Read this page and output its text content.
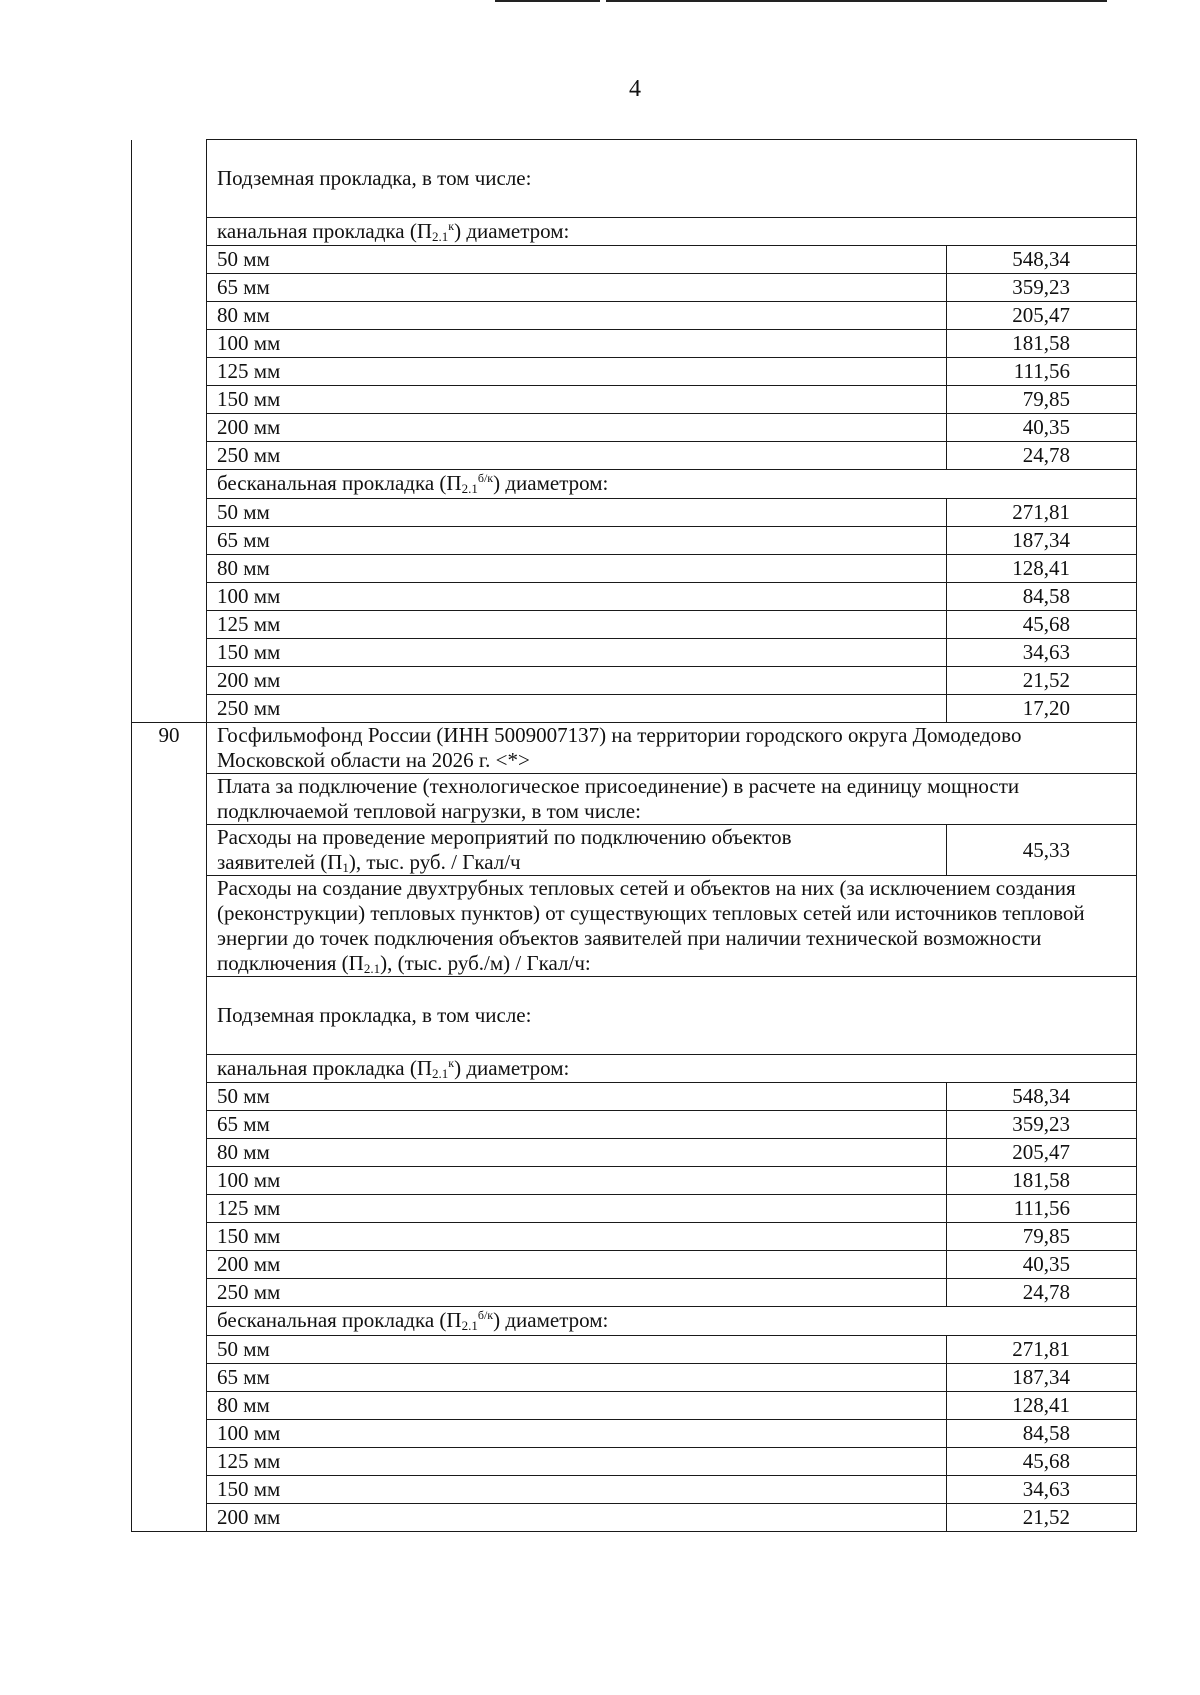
4
	Подземная прокладка, в том числе:	
	канальная прокладка $(П_{2.1}^к)$ диаметром:	
	50 мм	548,34
	65 мм	359,23
	80 мм	205,47
	100 мм	181,58
	125 мм	111,56
	150 мм	79,85
	200 мм	40,35
	250 мм	24,78
	бесканальная прокладка $(П_{2.1}^{б/к})$ диаметром:	
	50 мм	271,81
	65 мм	187,34
	80 мм	128,41
	100 мм	84,58
	125 мм	45,68
	150 мм	34,63
	200 мм	21,52
	250 мм	17,20
90	Госфильмофонд России (ИНН 5009007137) на территории городского округа Домодедово Московской области на 2026 г. <*>	
	Плата за подключение (технологическое присоединение) в расчете на единицу мощности подключаемой тепловой нагрузки, в том числе:	
	Расходы на проведение мероприятий по подключению объектов заявителей $(П_1)$, тыс. руб. / Гкал/ч	45,33
	Расходы на создание двухтрубных тепловых сетей и объектов на них (за исключением создания (реконструкции) тепловых пунктов) от существующих тепловых сетей или источников тепловой энергии до точек подключения объектов заявителей при наличии технической возможности подключения $(П_{2.1})$, (тыс. руб./м) / Гкал/ч:	
	Подземная прокладка, в том числе:	
	канальная прокладка $(П_{2.1}^к)$ диаметром:	
	50 мм	548,34
	65 мм	359,23
	80 мм	205,47
	100 мм	181,58
	125 мм	111,56
	150 мм	79,85
	200 мм	40,35
	250 мм	24,78
	бесканальная прокладка $(П_{2.1}^{б/к})$ диаметром:	
	50 мм	271,81
	65 мм	187,34
	80 мм	128,41
	100 мм	84,58
	125 мм	45,68
	150 мм	34,63
	200 мм	21,52
